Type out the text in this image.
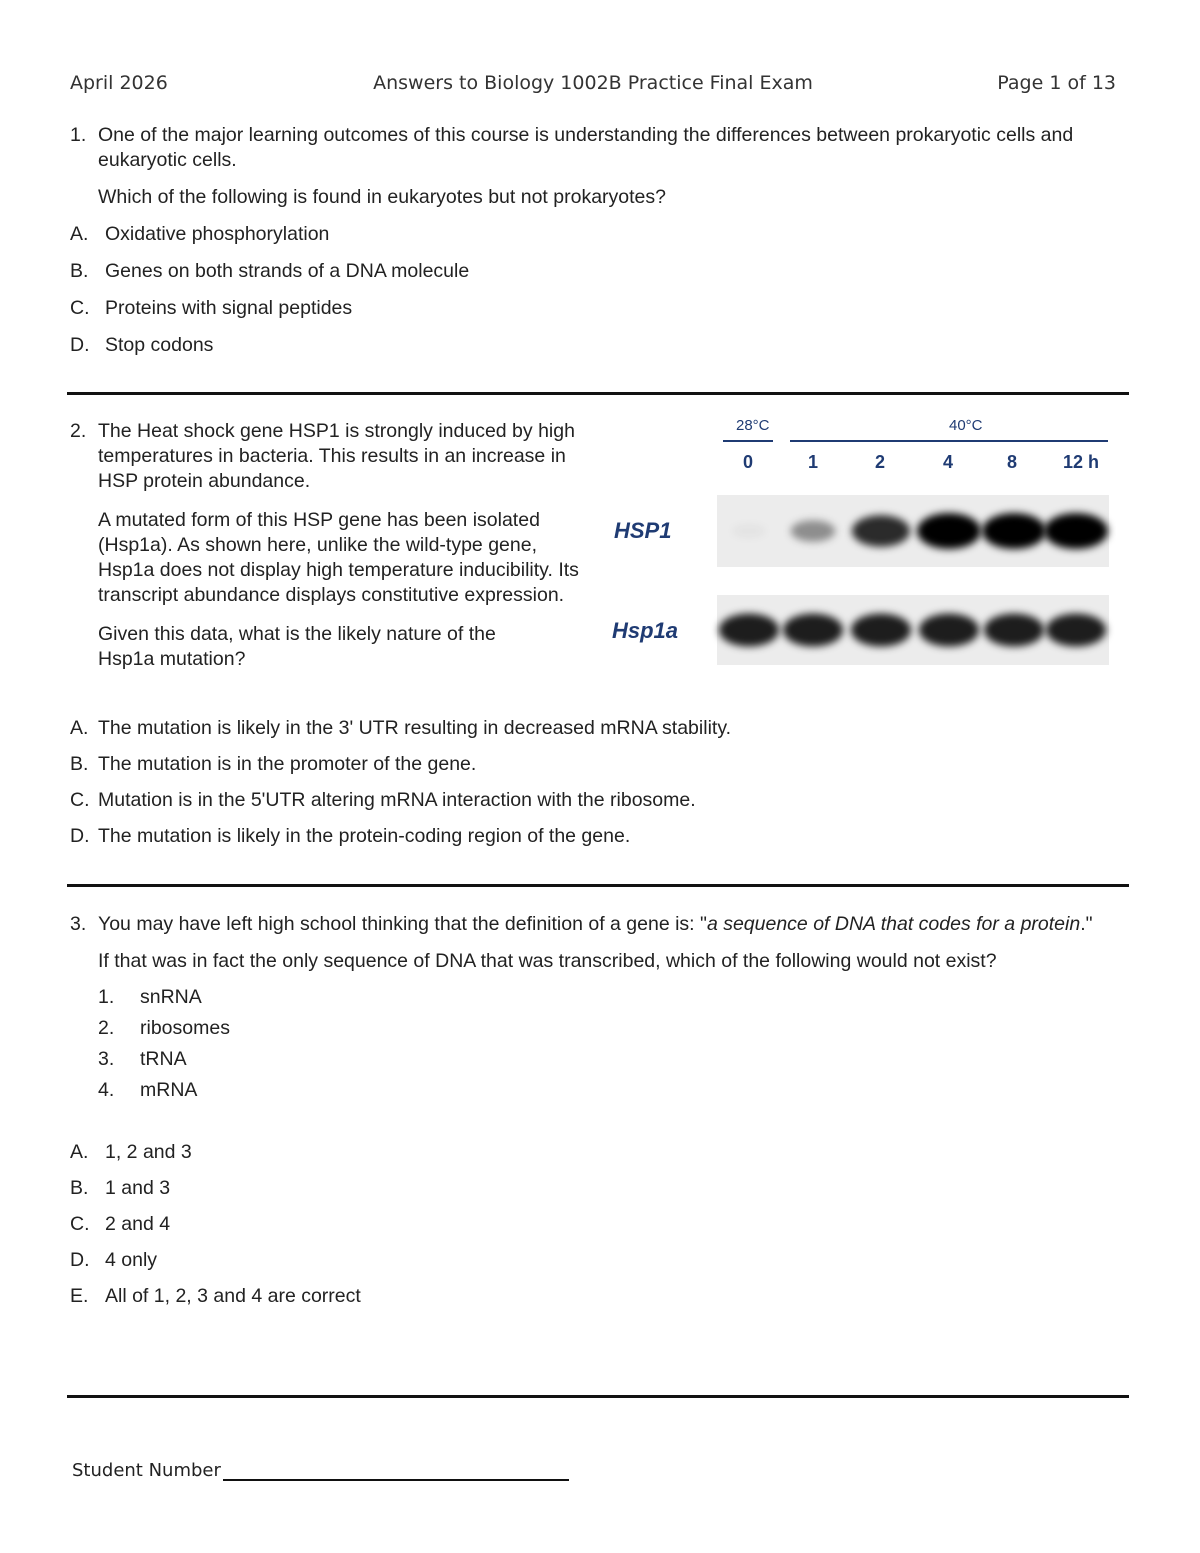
April 2026	Answers to Biology 1002B Practice Final Exam	Page 1 of 13
1. One of the major learning outcomes of this course is understanding the differences between prokaryotic cells and eukaryotic cells.
Which of the following is found in eukaryotes but not prokaryotes?
A. Oxidative phosphorylation
B. Genes on both strands of a DNA molecule
C. Proteins with signal peptides
D. Stop codons
2. The Heat shock gene HSP1 is strongly induced by high temperatures in bacteria. This results in an increase in HSP protein abundance.
A mutated form of this HSP gene has been isolated (Hsp1a). As shown here, unlike the wild-type gene, Hsp1a does not display high temperature inducibility. Its transcript abundance displays constitutive expression.
Given this data, what is the likely nature of the Hsp1a mutation?
28°C	40°C
0	1	2	4	8	12 h
HSP1
Hsp1a
A. The mutation is likely in the 3' UTR resulting in decreased mRNA stability.
B. The mutation is in the promoter of the gene.
C. Mutation is in the 5'UTR altering mRNA interaction with the ribosome.
D. The mutation is likely in the protein-coding region of the gene.
3. You may have left high school thinking that the definition of a gene is: "a sequence of DNA that codes for a protein."
If that was in fact the only sequence of DNA that was transcribed, which of the following would not exist?
1.	snRNA
2.	ribosomes
3.	tRNA
4.	mRNA
A. 1, 2 and 3
B. 1 and 3
C. 2 and 4
D. 4 only
E. All of 1, 2, 3 and 4 are correct
Student Number
